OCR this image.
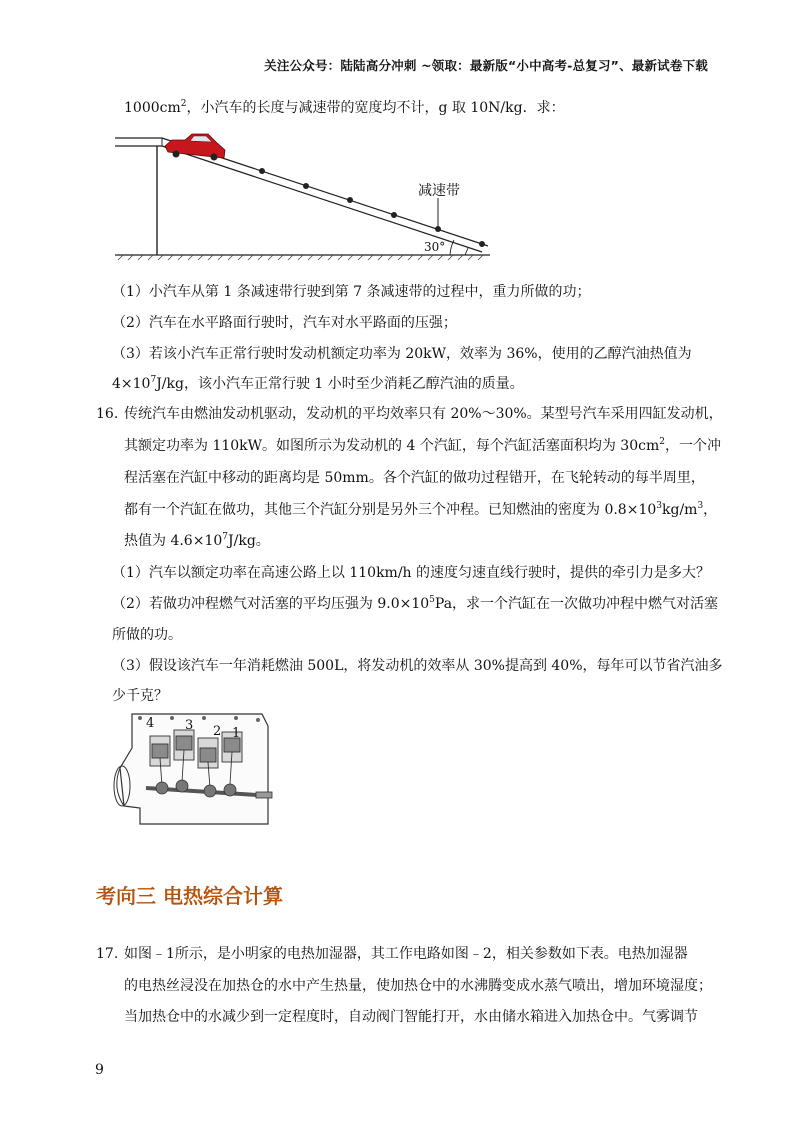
关注公众号：陆陆高分冲刺 ~领取：最新版“小中高考-总复习”、最新试卷下载
$1000cm^2$，小汽车的长度与减速带的宽度均不计，g 取 10N/kg．求：
减速带
30°
（1）小汽车从第 1 条减速带行驶到第 7 条减速带的过程中，重力所做的功；
（2）汽车在水平路面行驶时，汽车对水平路面的压强；
（3）若该小汽车正常行驶时发动机额定功率为 20kW，效率为 36%，使用的乙醇汽油热值为
$4\times 10^7J/kg$，该小汽车正常行驶 1 小时至少消耗乙醇汽油的质量。
16. 传统汽车由燃油发动机驱动，发动机的平均效率只有 20%～30%。某型号汽车采用四缸发动机，
其额定功率为 110kW。如图所示为发动机的 4 个汽缸，每个汽缸活塞面积均为 $30cm^2$，一个冲
程活塞在汽缸中移动的距离均是 50mm。各个汽缸的做功过程错开，在飞轮转动的每半周里，
都有一个汽缸在做功，其他三个汽缸分别是另外三个冲程。已知燃油的密度为 $0.8\times 10^3kg/m^3$，
热值为 $4.6\times 10^7J/kg$。
（1）汽车以额定功率在高速公路上以 110km/h 的速度匀速直线行驶时，提供的牵引力是多大？
（2）若做功冲程燃气对活塞的平均压强为 $9.0\times 10^5Pa$，求一个汽缸在一次做功冲程中燃气对活塞
所做的功。
（3）假设该汽车一年消耗燃油 500L，将发动机的效率从 30%提高到 40%，每年可以节省汽油多
少千克？
4 3 2 1
考向三 电热综合计算
17. 如图﹣1所示，是小明家的电热加湿器，其工作电路如图﹣2，相关参数如下表。电热加湿器
的电热丝浸没在加热仓的水中产生热量，使加热仓中的水沸腾变成水蒸气喷出，增加环境湿度；
当加热仓中的水减少到一定程度时，自动阀门智能打开，水由储水箱进入加热仓中。气雾调节
9
